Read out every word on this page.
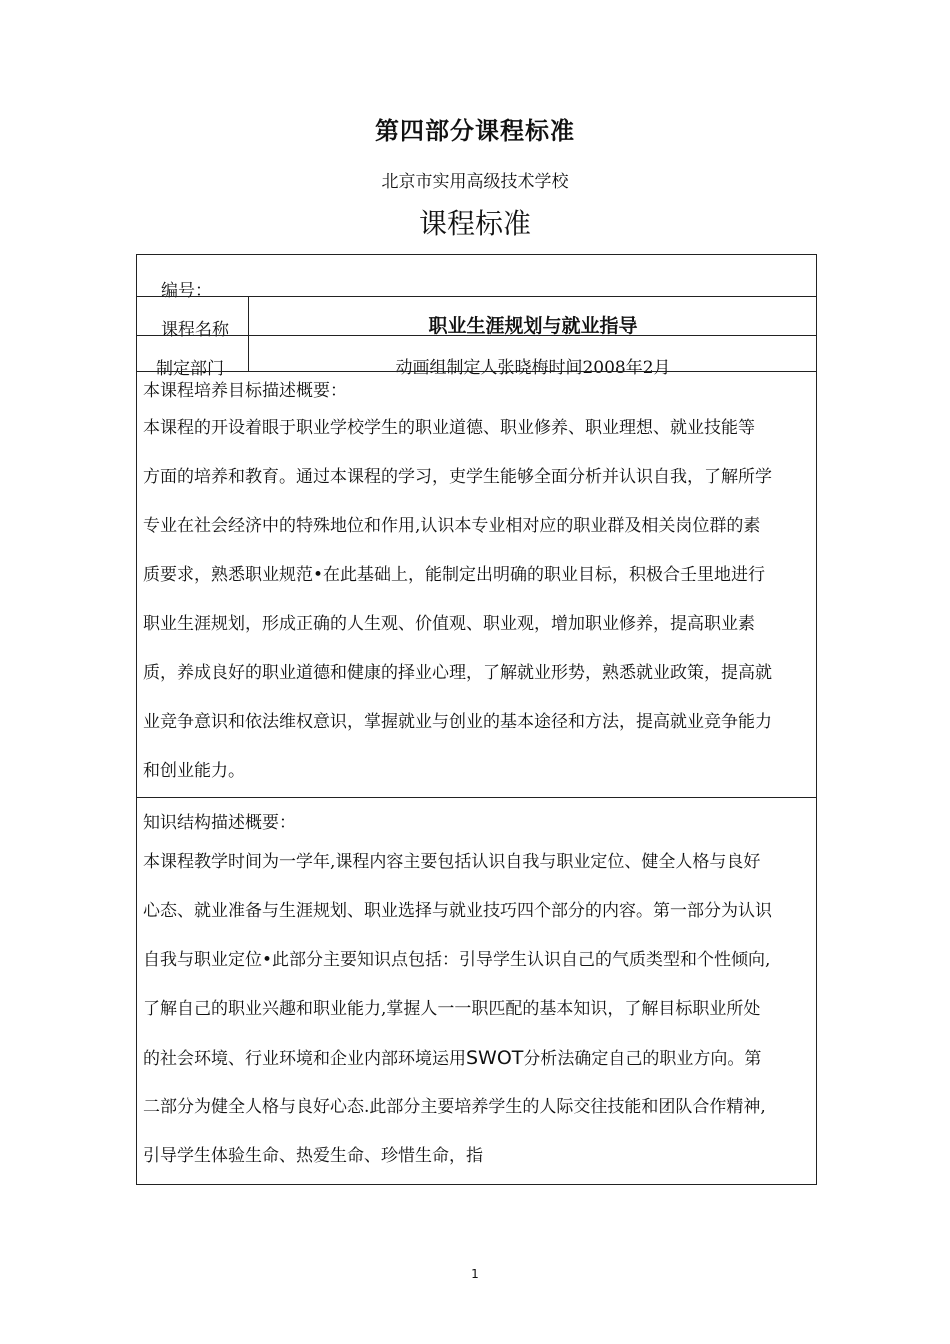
第四部分课程标准
北京市实用高级技术学校
课程标准
编号：
课程名称	职业生涯规划与就业指导
制定部门	动画组制定人张晓梅时间2008年2月
本课程培养目标描述概要：
本课程的开设着眼于职业学校学生的职业道德、职业修养、职业理想、就业技能等
方面的培养和教育。通过本课程的学习，吏学生能够全面分析并认识自我，了解所学
专业在社会经济中的特殊地位和作用,认识本专业相对应的职业群及相关岗位群的素
质要求，熟悉职业规范•在此基础上，能制定出明确的职业目标，积极合壬里地进行
职业生涯规划，形成正确的人生观、价值观、职业观，增加职业修养，提高职业素
质，养成良好的职业道德和健康的择业心理，了解就业形势，熟悉就业政策，提高就
业竞争意识和依法维权意识，掌握就业与创业的基本途径和方法，提高就业竞争能力
和创业能力。
知识结构描述概要：
本课程教学时间为一学年,课程内容主要包括认识自我与职业定位、健全人格与良好
心态、就业准备与生涯规划、职业选择与就业技巧四个部分的内容。第一部分为认识
自我与职业定位•此部分主要知识点包括：引导学生认识自己的气质类型和个性倾向,
了解自己的职业兴趣和职业能力,掌握人一一职匹配的基本知识，了解目标职业所处
的社会环境、行业环境和企业内部环境运用SWOT分析法确定自己的职业方向。第
二部分为健全人格与良好心态.此部分主要培养学生的人际交往技能和团队合作精神,
引导学生体验生命、热爱生命、珍惜生命，指
1
